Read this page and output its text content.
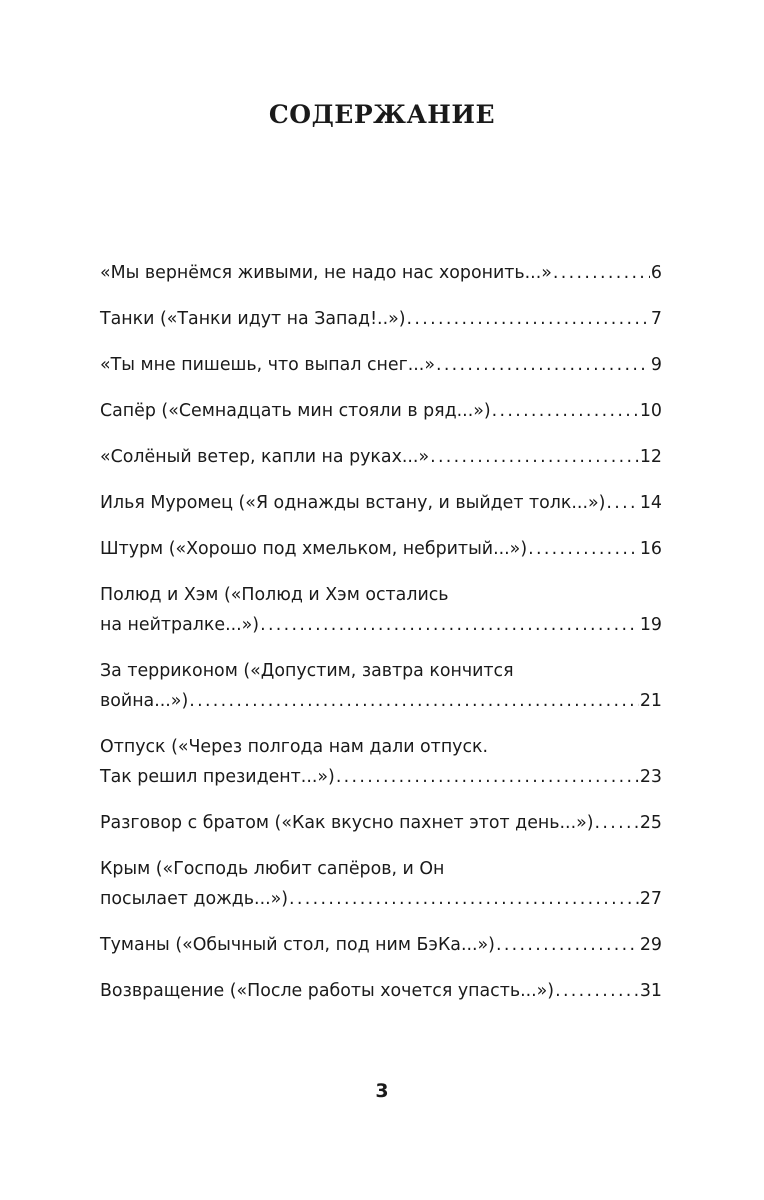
СОДЕРЖАНИЕ
«Мы вернёмся живыми, не надо нас хоронить...» . . .	6
Танки («Танки идут на Запад!..») . . .	7
«Ты мне пишешь, что выпал снег...» . . .	9
Сапёр («Семнадцать мин стояли в ряд...») . . .	10
«Солёный ветер, капли на руках...» . . .	12
Илья Муромец («Я однажды встану, и выйдет толк...») . . . 14
Штурм («Хорошо под хмельком, небритый...») . . .	16
Полюд и Хэм («Полюд и Хэм остались
на нейтралке...») . . .	19
За терриконом («Допустим, завтра кончится
война...») . . .	21
Отпуск («Через полгода нам дали отпуск.
Так решил президент...») . . .	23
Разговор с братом («Как вкусно пахнет этот день...») . . .	25
Крым («Господь любит сапёров, и Он
посылает дождь...») . . .	27
Туманы («Обычный стол, под ним БэКа...») . . .	29
Возвращение («После работы хочется упасть...») . . .	31
3
